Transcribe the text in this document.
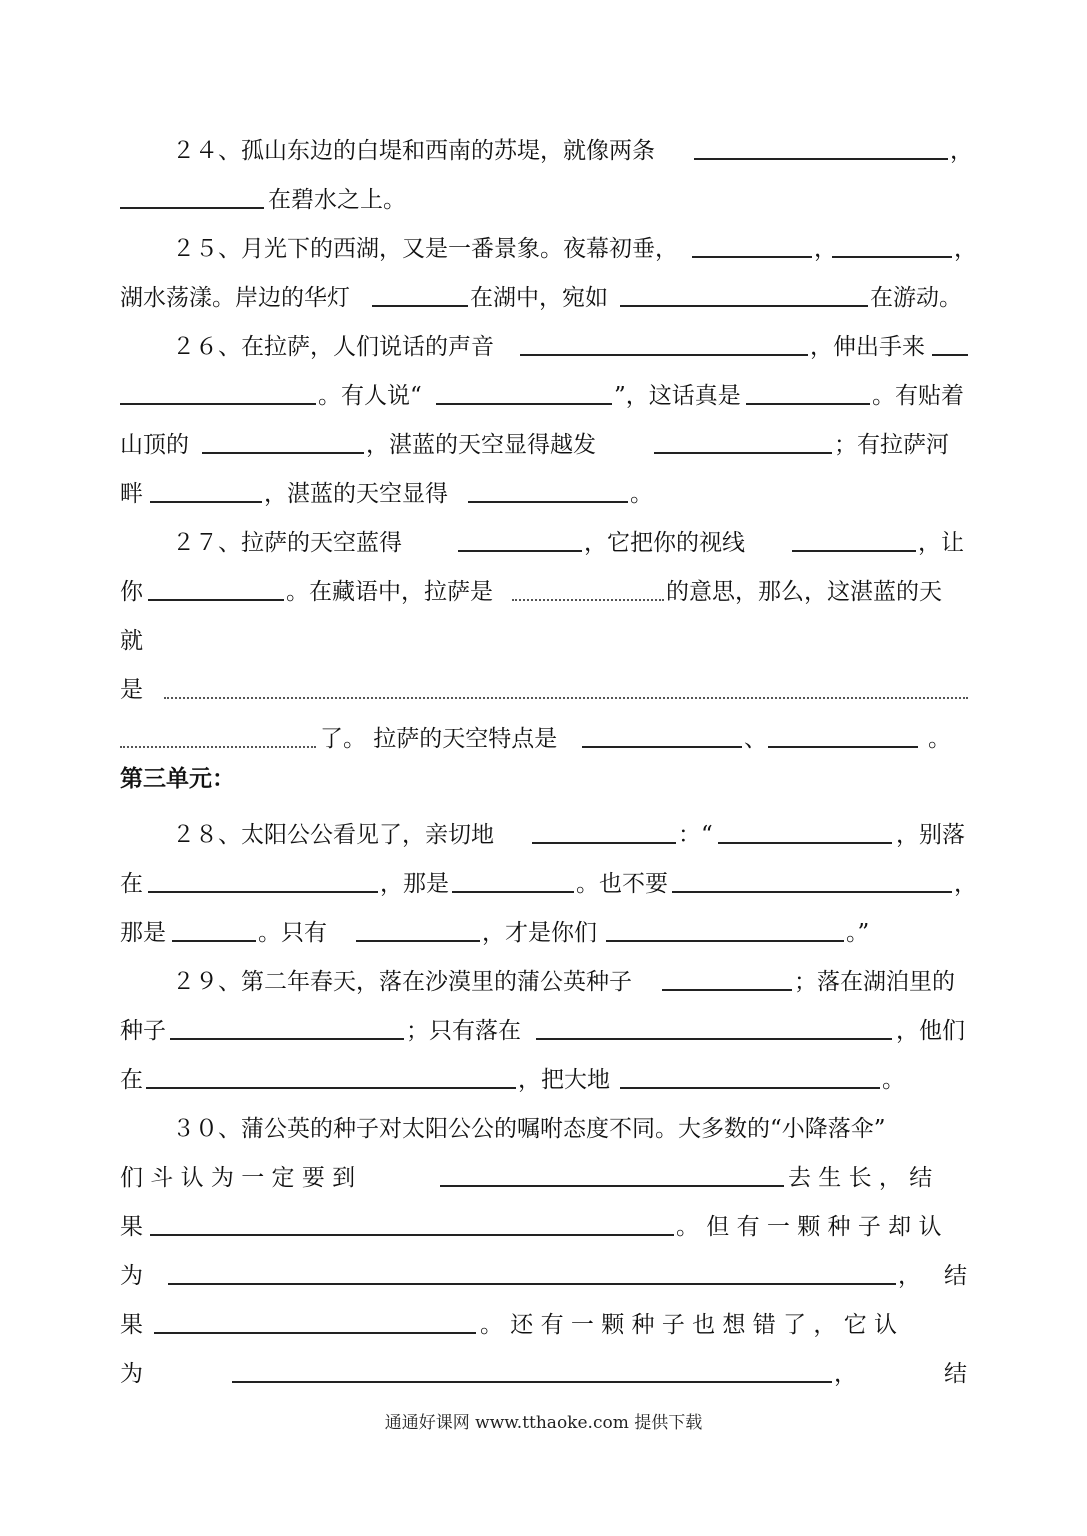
２４、孤山东边的白堤和西南的苏堤，就像两条	，
在碧水之上。
２５、月光下的西湖，又是一番景象。夜幕初垂，	，	，
湖水荡漾。岸边的华灯	在湖中，宛如	在游动。
２６、在拉萨，人们说话的声音	，伸出手来
。有人说“	”，这话真是	。有贴着
山顶的	，湛蓝的天空显得越发	；有拉萨河
畔	，湛蓝的天空显得	。
２７、拉萨的天空蓝得	，它把你的视线	，让
你	。在藏语中，拉萨是	的意思，那么，这湛蓝的天
就
是
了。 拉萨的天空特点是	、	。
第三单元：
２８、太阳公公看见了，亲切地	：“	，别落
在	，那是	。也不要	，
那是	。只有	，才是你们	。”
２９、第二年春天，落在沙漠里的蒲公英种子	；落在湖泊里的
种子	；只有落在	，他们
在	，把大地	。
３０、蒲公英的种子对太阳公公的嘱咐态度不同。大多数的“小降落伞”
们 斗 认 为 一 定 要 到	去 生 长 ， 结
果	。 但 有 一 颗 种 子 却 认
为	， 结
果	。 还 有 一 颗 种 子 也 想 错 了 ， 它 认
为	，	结
通通好课网 www.tthaoke.com 提供下载
